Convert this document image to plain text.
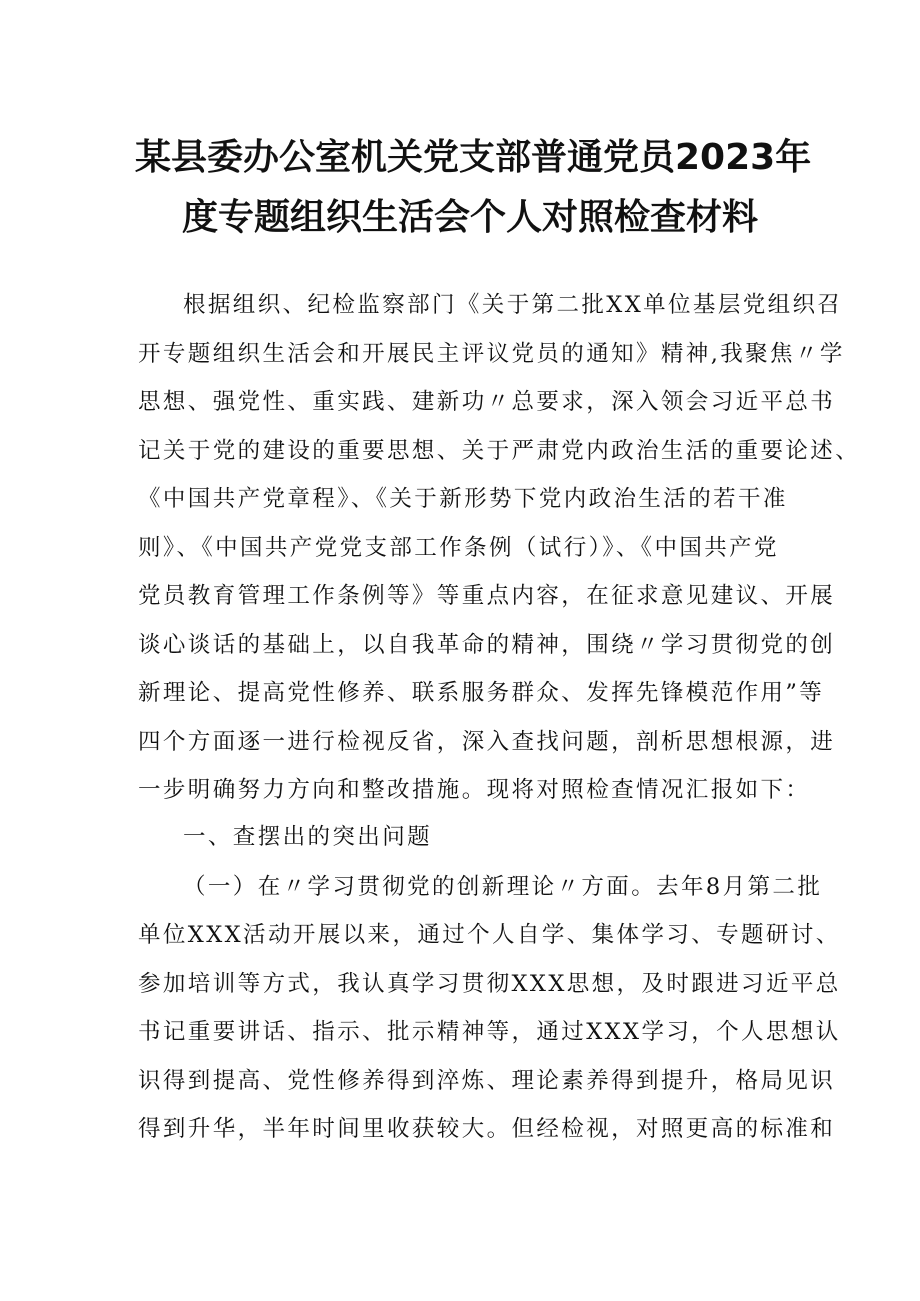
某县委办公室机关党支部普通党员2023年
度专题组织生活会个人对照检查材料
根据组织、纪检监察部门《关于第二批XX单位基层党组织召
开专题组织生活会和开展民主评议党员的通知》精神,我聚焦〃学
思想、强党性、重实践、建新功〃总要求，深入领会习近平总书
记关于党的建设的重要思想、关于严肃党内政治生活的重要论述、
《中国共产党章程》、《关于新形势下党内政治生活的若干准
则》、《中国共产党党支部工作条例（试行）》、《中国共产党
党员教育管理工作条例等》等重点内容，在征求意见建议、开展
谈心谈话的基础上，以自我革命的精神，围绕〃学习贯彻党的创
新理论、提高党性修养、联系服务群众、发挥先锋模范作用”等
四个方面逐一进行检视反省，深入查找问题，剖析思想根源，进
一步明确努力方向和整改措施。现将对照检查情况汇报如下：
一、查摆出的突出问题
（一）在〃学习贯彻党的创新理论〃方面。去年8月第二批
单位XXX活动开展以来，通过个人自学、集体学习、专题研讨、
参加培训等方式，我认真学习贯彻XXX思想，及时跟进习近平总
书记重要讲话、指示、批示精神等，通过XXX学习，个人思想认
识得到提高、党性修养得到淬炼、理论素养得到提升，格局见识
得到升华，半年时间里收获较大。但经检视，对照更高的标准和
